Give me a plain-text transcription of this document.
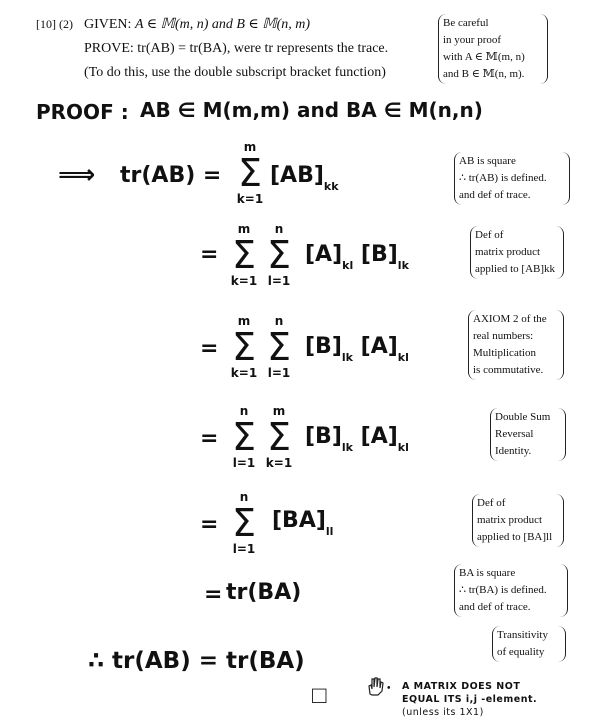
[10] (2) GIVEN: A ∈ 𝕄(m, n) and B ∈ 𝕄(n, m)
PROVE: tr(AB) = tr(BA), were tr represents the trace.
(To do this, use the double subscript bracket function)
Be careful
in your proof
with A ∈ 𝕄(m, n)
and B ∈ 𝕄(n, m).
PROOF : AB ∈ M(m,m) and BA ∈ M(n,n)
⟹ tr(AB) =
m
Σ
k=1
$[AB]_{kk}$
AB is square
∴ tr(AB) is defined.
and def of trace.
=
m
Σ
k=1
n
Σ
l=1
$[A]_{kl}$ $[B]_{lk}$
Def of
matrix product
applied to [AB]kk
=
m
Σ
k=1
n
Σ
l=1
$[B]_{lk}$ $[A]_{kl}$
AXIOM 2 of the
real numbers:
Multiplication
is commutative.
=
n
Σ
l=1
m
Σ
k=1
$[B]_{lk}$ $[A]_{kl}$
Double Sum
Reversal
Identity.
=
n
Σ
l=1
$[BA]_{ll}$
Def of
matrix product
applied to [BA]ll
= tr(BA)
BA is square
∴ tr(BA) is defined.
and def of trace.
∴ tr(AB) = tr(BA)
Transitivity
of equality
□	• A MATRIX DOES NOT
EQUAL ITS i,j -element.
(unless its 1X1)
